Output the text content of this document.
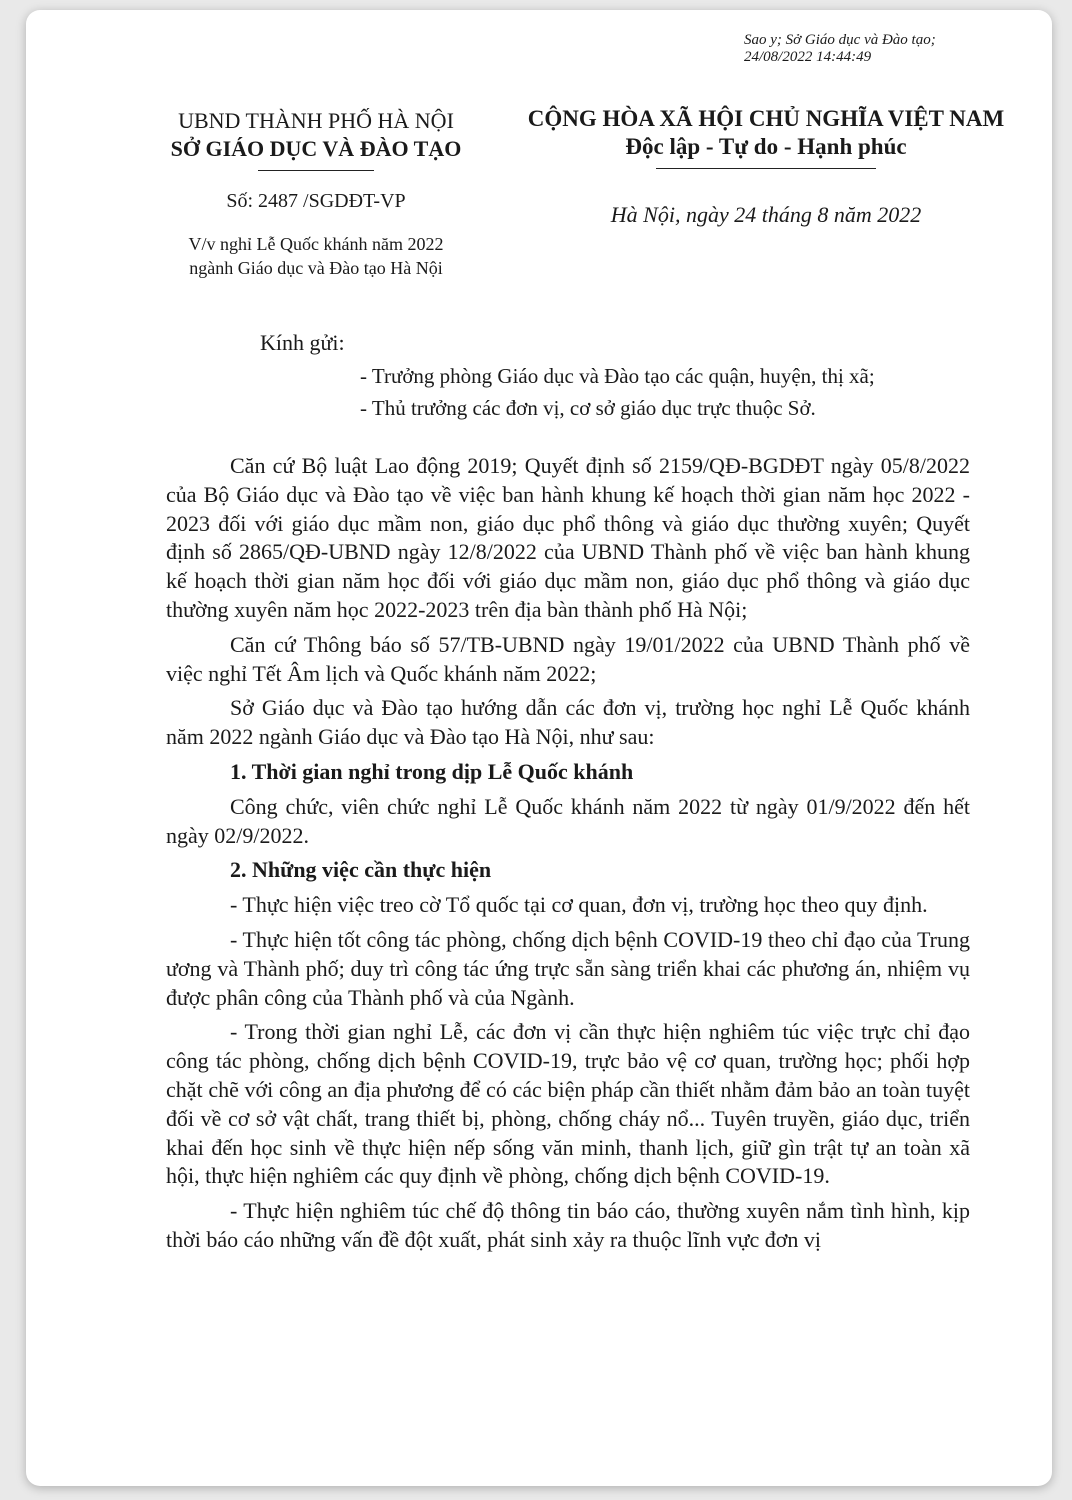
Sao y; Sở Giáo dục và Đào tạo;
24/08/2022 14:44:49
UBND THÀNH PHỐ HÀ NỘI
SỞ GIÁO DỤC VÀ ĐÀO TẠO
CỘNG HÒA XÃ HỘI CHỦ NGHĨA VIỆT NAM
Độc lập - Tự do - Hạnh phúc
Số: 2487 /SGDĐT-VP
Hà Nội, ngày 24 tháng 8 năm 2022
V/v nghỉ Lễ Quốc khánh năm 2022
ngành Giáo dục và Đào tạo Hà Nội
Kính gửi:
- Trưởng phòng Giáo dục và Đào tạo các quận, huyện, thị xã;
- Thủ trưởng các đơn vị, cơ sở giáo dục trực thuộc Sở.

Căn cứ Bộ luật Lao động 2019; Quyết định số 2159/QĐ-BGDĐT ngày 05/8/2022 của Bộ Giáo dục và Đào tạo về việc ban hành khung kế hoạch thời gian năm học 2022 - 2023 đối với giáo dục mầm non, giáo dục phổ thông và giáo dục thường xuyên; Quyết định số 2865/QĐ-UBND ngày 12/8/2022 của UBND Thành phố về việc ban hành khung kế hoạch thời gian năm học đối với giáo dục mầm non, giáo dục phổ thông và giáo dục thường xuyên năm học 2022-2023 trên địa bàn thành phố Hà Nội;

Căn cứ Thông báo số 57/TB-UBND ngày 19/01/2022 của UBND Thành phố về việc nghỉ Tết Âm lịch và Quốc khánh năm 2022;

Sở Giáo dục và Đào tạo hướng dẫn các đơn vị, trường học nghỉ Lễ Quốc khánh năm 2022 ngành Giáo dục và Đào tạo Hà Nội, như sau:

1. Thời gian nghỉ trong dịp Lễ Quốc khánh

Công chức, viên chức nghỉ Lễ Quốc khánh năm 2022 từ ngày 01/9/2022 đến hết ngày 02/9/2022.

2. Những việc cần thực hiện

- Thực hiện việc treo cờ Tổ quốc tại cơ quan, đơn vị, trường học theo quy định.

- Thực hiện tốt công tác phòng, chống dịch bệnh COVID-19 theo chỉ đạo của Trung ương và Thành phố; duy trì công tác ứng trực sẵn sàng triển khai các phương án, nhiệm vụ được phân công của Thành phố và của Ngành.

- Trong thời gian nghỉ Lễ, các đơn vị cần thực hiện nghiêm túc việc trực chỉ đạo công tác phòng, chống dịch bệnh COVID-19, trực bảo vệ cơ quan, trường học; phối hợp chặt chẽ với công an địa phương để có các biện pháp cần thiết nhằm đảm bảo an toàn tuyệt đối về cơ sở vật chất, trang thiết bị, phòng, chống cháy nổ... Tuyên truyền, giáo dục, triển khai đến học sinh về thực hiện nếp sống văn minh, thanh lịch, giữ gìn trật tự an toàn xã hội, thực hiện nghiêm các quy định về phòng, chống dịch bệnh COVID-19.

- Thực hiện nghiêm túc chế độ thông tin báo cáo, thường xuyên nắm tình hình, kịp thời báo cáo những vấn đề đột xuất, phát sinh xảy ra thuộc lĩnh vực đơn vị
